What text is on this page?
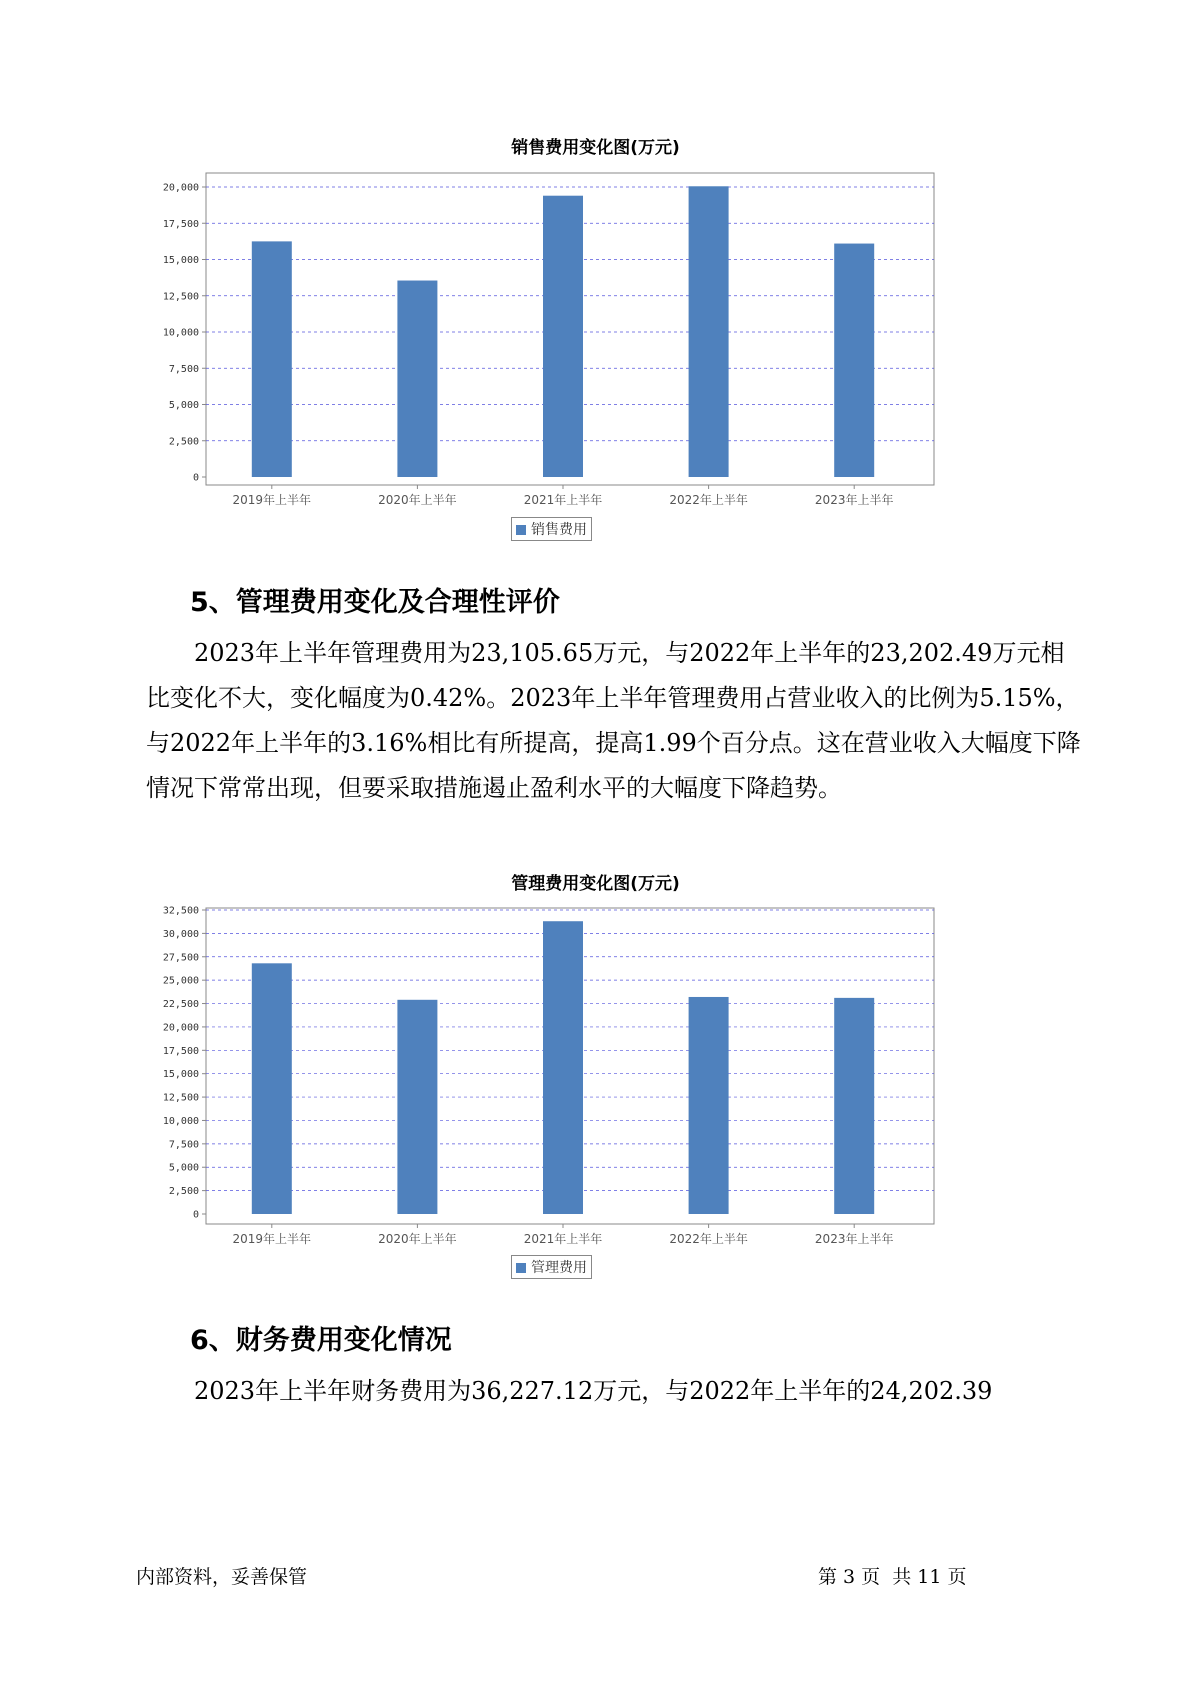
销售费用变化图(万元)
0
2,500
5,000
7,500
10,000
12,500
15,000
17,500
20,000
2019年上半年	2020年上半年	2021年上半年	2022年上半年	2023年上半年
销售费用
5、管理费用变化及合理性评价

2023年上半年管理费用为23,105.65万元，与2022年上半年的23,202.49万元相比变化不大，变化幅度为0.42%。2023年上半年管理费用占营业收入的比例为5.15%，与2022年上半年的3.16%相比有所提高，提高1.99个百分点。这在营业收入大幅度下降情况下常常出现，但要采取措施遏止盈利水平的大幅度下降趋势。

管理费用变化图(万元)
0
2,500
5,000
7,500
10,000
12,500
15,000
17,500
20,000
22,500
25,000
27,500
30,000
32,500
2019年上半年	2020年上半年	2021年上半年	2022年上半年	2023年上半年
管理费用
6、财务费用变化情况

2023年上半年财务费用为36,227.12万元，与2022年上半年的24,202.39

内部资料，妥善保管	第 3 页  共 11 页
